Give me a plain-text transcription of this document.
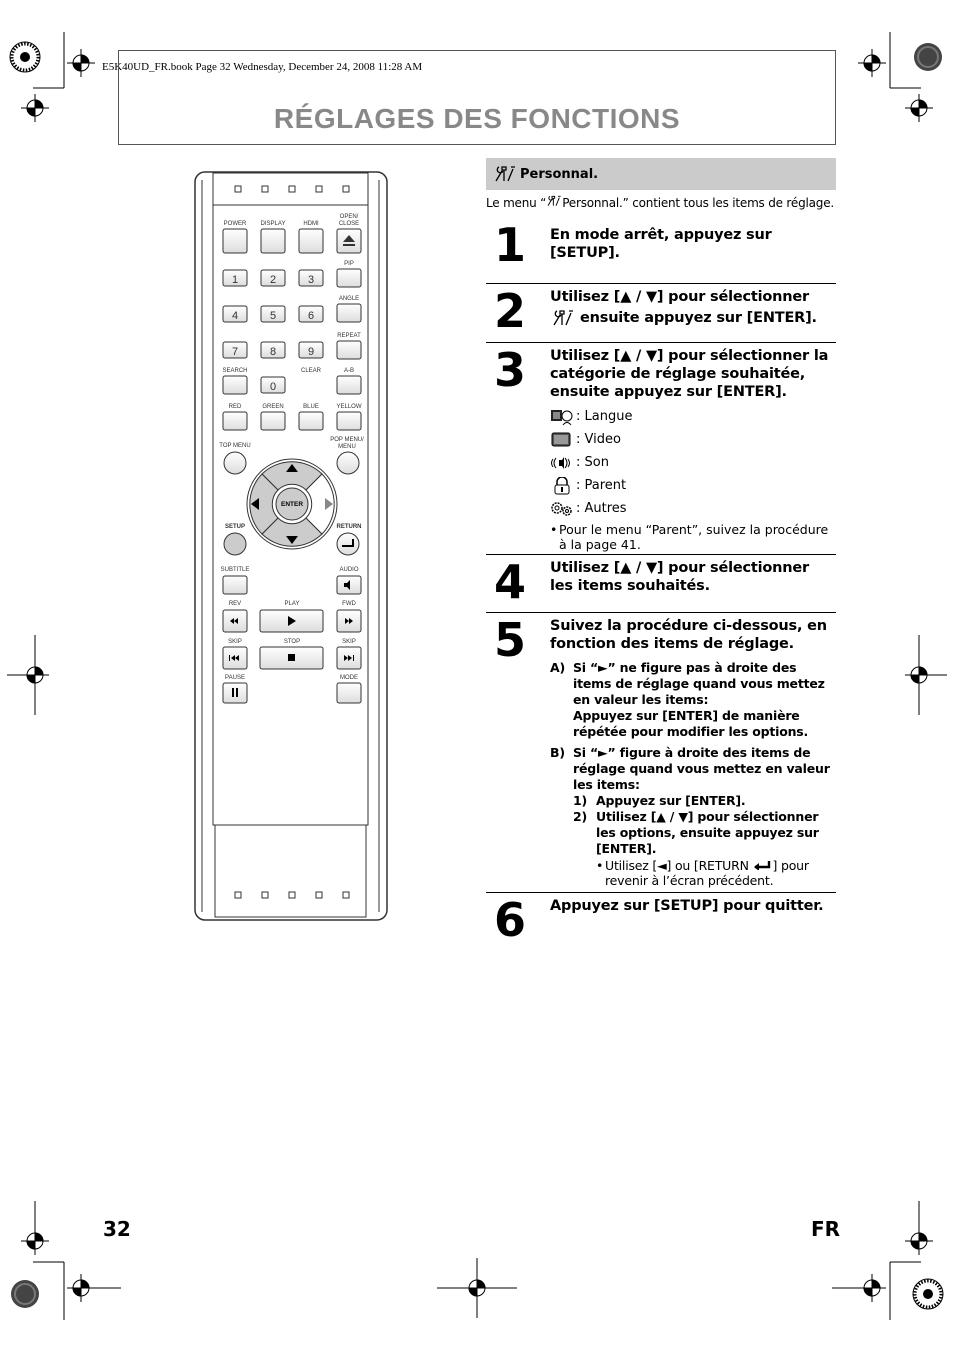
E5K40UD_FR.book Page 32 Wednesday, December 24, 2008 11:28 AM
RÉGLAGES DES FONCTIONS
POWER DISPLAY	HDMI
OPEN/
CLOSE
PIP
ANGLE
REPEAT
SEARCH	CLEAR	A-B
RED	GREEN	BLUE	YELLOW
TOP MENU
POP MENU/
MENU
SETUP	RETURN
SUBTITLE	AUDIO
REV	PLAY	FWD
SKIP	STOP	SKIP
PAUSE	MODE
1	2	3
4	5	6
7	8	9
0
ENTER
Personnal.

Le menu “ Personnal.” contient tous les items de réglage.

1 En mode arrêt, appuyez sur [SETUP].
2 Utilisez [▲ / ▼] pour sélectionner
ensuite appuyez sur [ENTER].
3 Utilisez [▲ / ▼] pour sélectionner la catégorie de réglage souhaitée, ensuite appuyez sur [ENTER].
: Langue
: Video
: Son
: Parent
: Autres
• Pour le menu “Parent”, suivez la procédure à la page 41.
4 Utilisez [▲ / ▼] pour sélectionner les items souhaités.
5 Suivez la procédure ci-dessous, en fonction des items de réglage.
A) Si “►” ne figure pas à droite des items de réglage quand vous mettez en valeur les items:
Appuyez sur [ENTER] de manière répétée pour modifier les options.
B) Si “►” figure à droite des items de réglage quand vous mettez en valeur les items:
1) Appuyez sur [ENTER].
2) Utilisez [▲ / ▼] pour sélectionner les options, ensuite appuyez sur [ENTER].
• Utilisez [◄] ou [RETURN ] pour revenir à l’écran précédent.
6 Appuyez sur [SETUP] pour quitter.
32	FR
